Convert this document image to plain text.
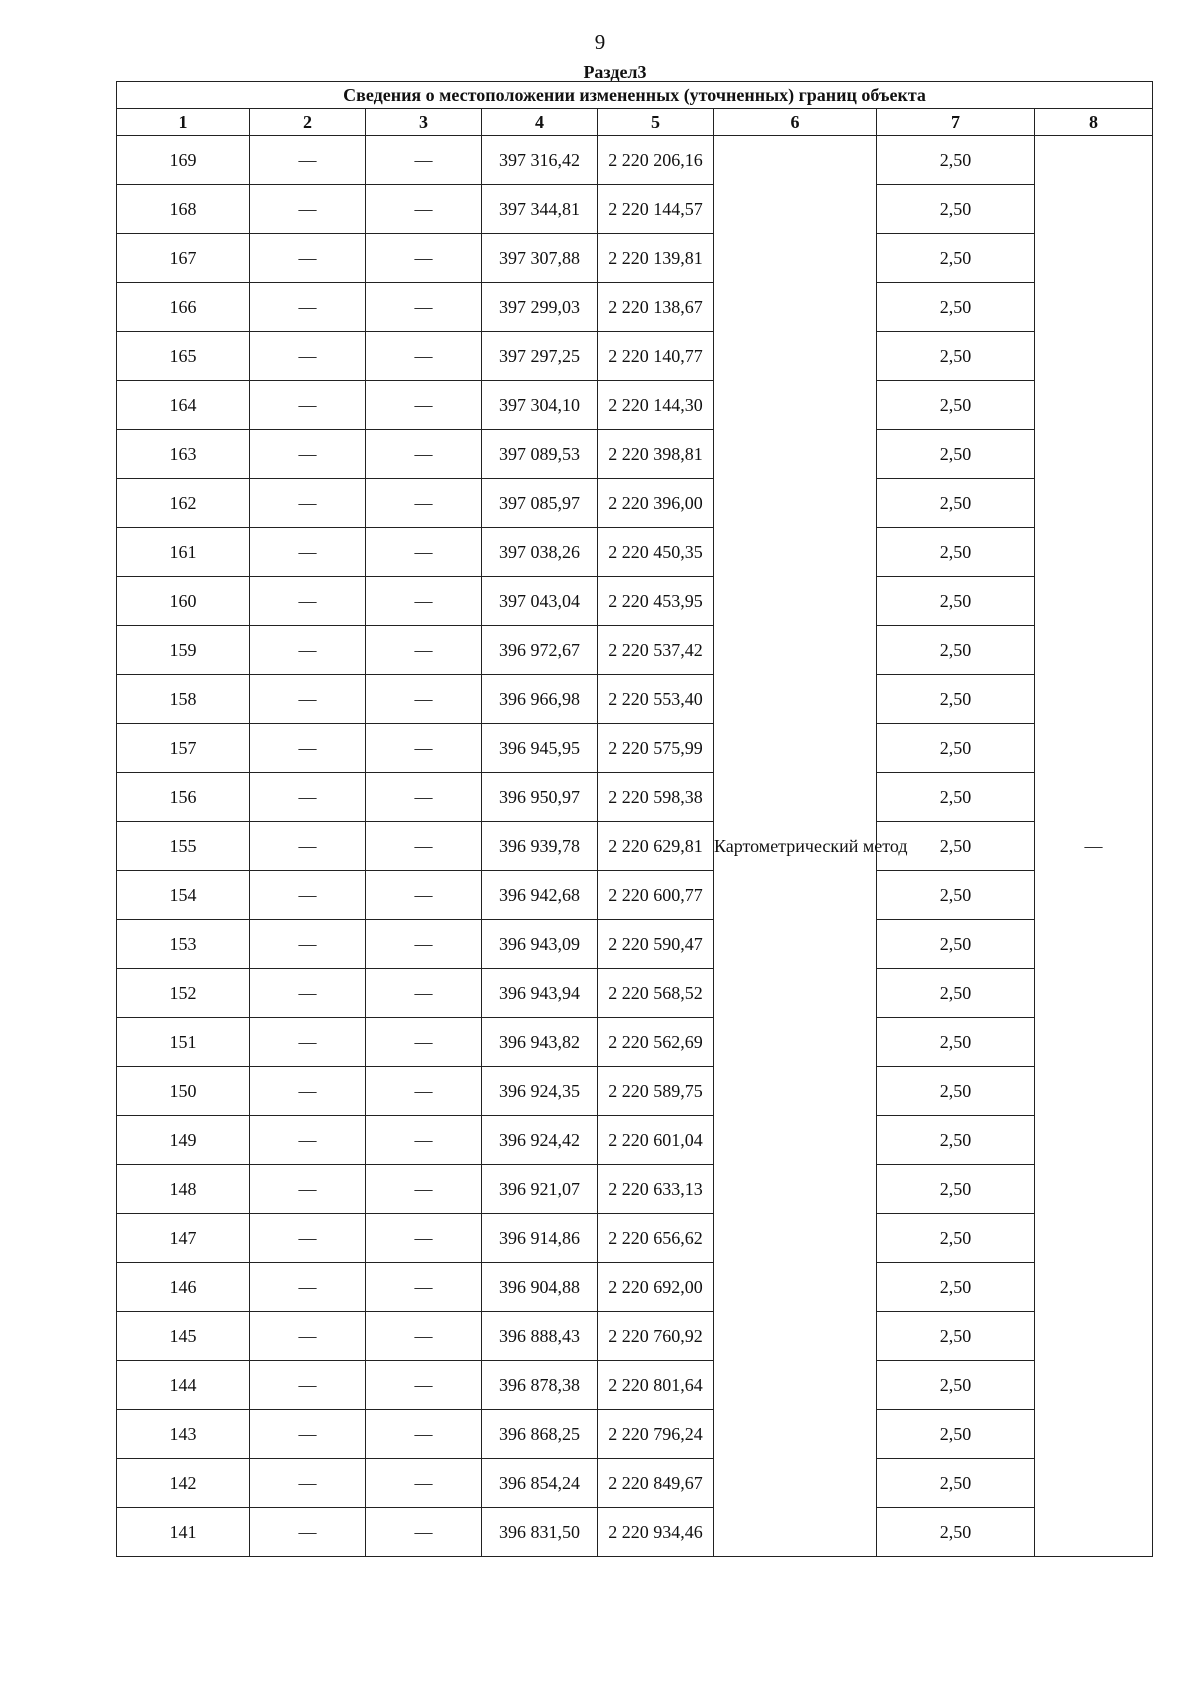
9
Раздел3
Сведения о местоположении измененных (уточненных) границ объекта							
1	2	3	4	5	6	7	8
169	—	—	397 316,42	2 220 206,16	Картометрический метод	2,50	—
168	—	—	397 344,81	2 220 144,57		2,50	
167	—	—	397 307,88	2 220 139,81		2,50	
166	—	—	397 299,03	2 220 138,67		2,50	
165	—	—	397 297,25	2 220 140,77		2,50	
164	—	—	397 304,10	2 220 144,30		2,50	
163	—	—	397 089,53	2 220 398,81		2,50	
162	—	—	397 085,97	2 220 396,00		2,50	
161	—	—	397 038,26	2 220 450,35		2,50	
160	—	—	397 043,04	2 220 453,95		2,50	
159	—	—	396 972,67	2 220 537,42		2,50	
158	—	—	396 966,98	2 220 553,40		2,50	
157	—	—	396 945,95	2 220 575,99		2,50	
156	—	—	396 950,97	2 220 598,38		2,50	
155	—	—	396 939,78	2 220 629,81		2,50	
154	—	—	396 942,68	2 220 600,77		2,50	
153	—	—	396 943,09	2 220 590,47		2,50	
152	—	—	396 943,94	2 220 568,52		2,50	
151	—	—	396 943,82	2 220 562,69		2,50	
150	—	—	396 924,35	2 220 589,75		2,50	
149	—	—	396 924,42	2 220 601,04		2,50	
148	—	—	396 921,07	2 220 633,13		2,50	
147	—	—	396 914,86	2 220 656,62		2,50	
146	—	—	396 904,88	2 220 692,00		2,50	
145	—	—	396 888,43	2 220 760,92		2,50	
144	—	—	396 878,38	2 220 801,64		2,50	
143	—	—	396 868,25	2 220 796,24		2,50	
142	—	—	396 854,24	2 220 849,67		2,50	
141	—	—	396 831,50	2 220 934,46		2,50	
